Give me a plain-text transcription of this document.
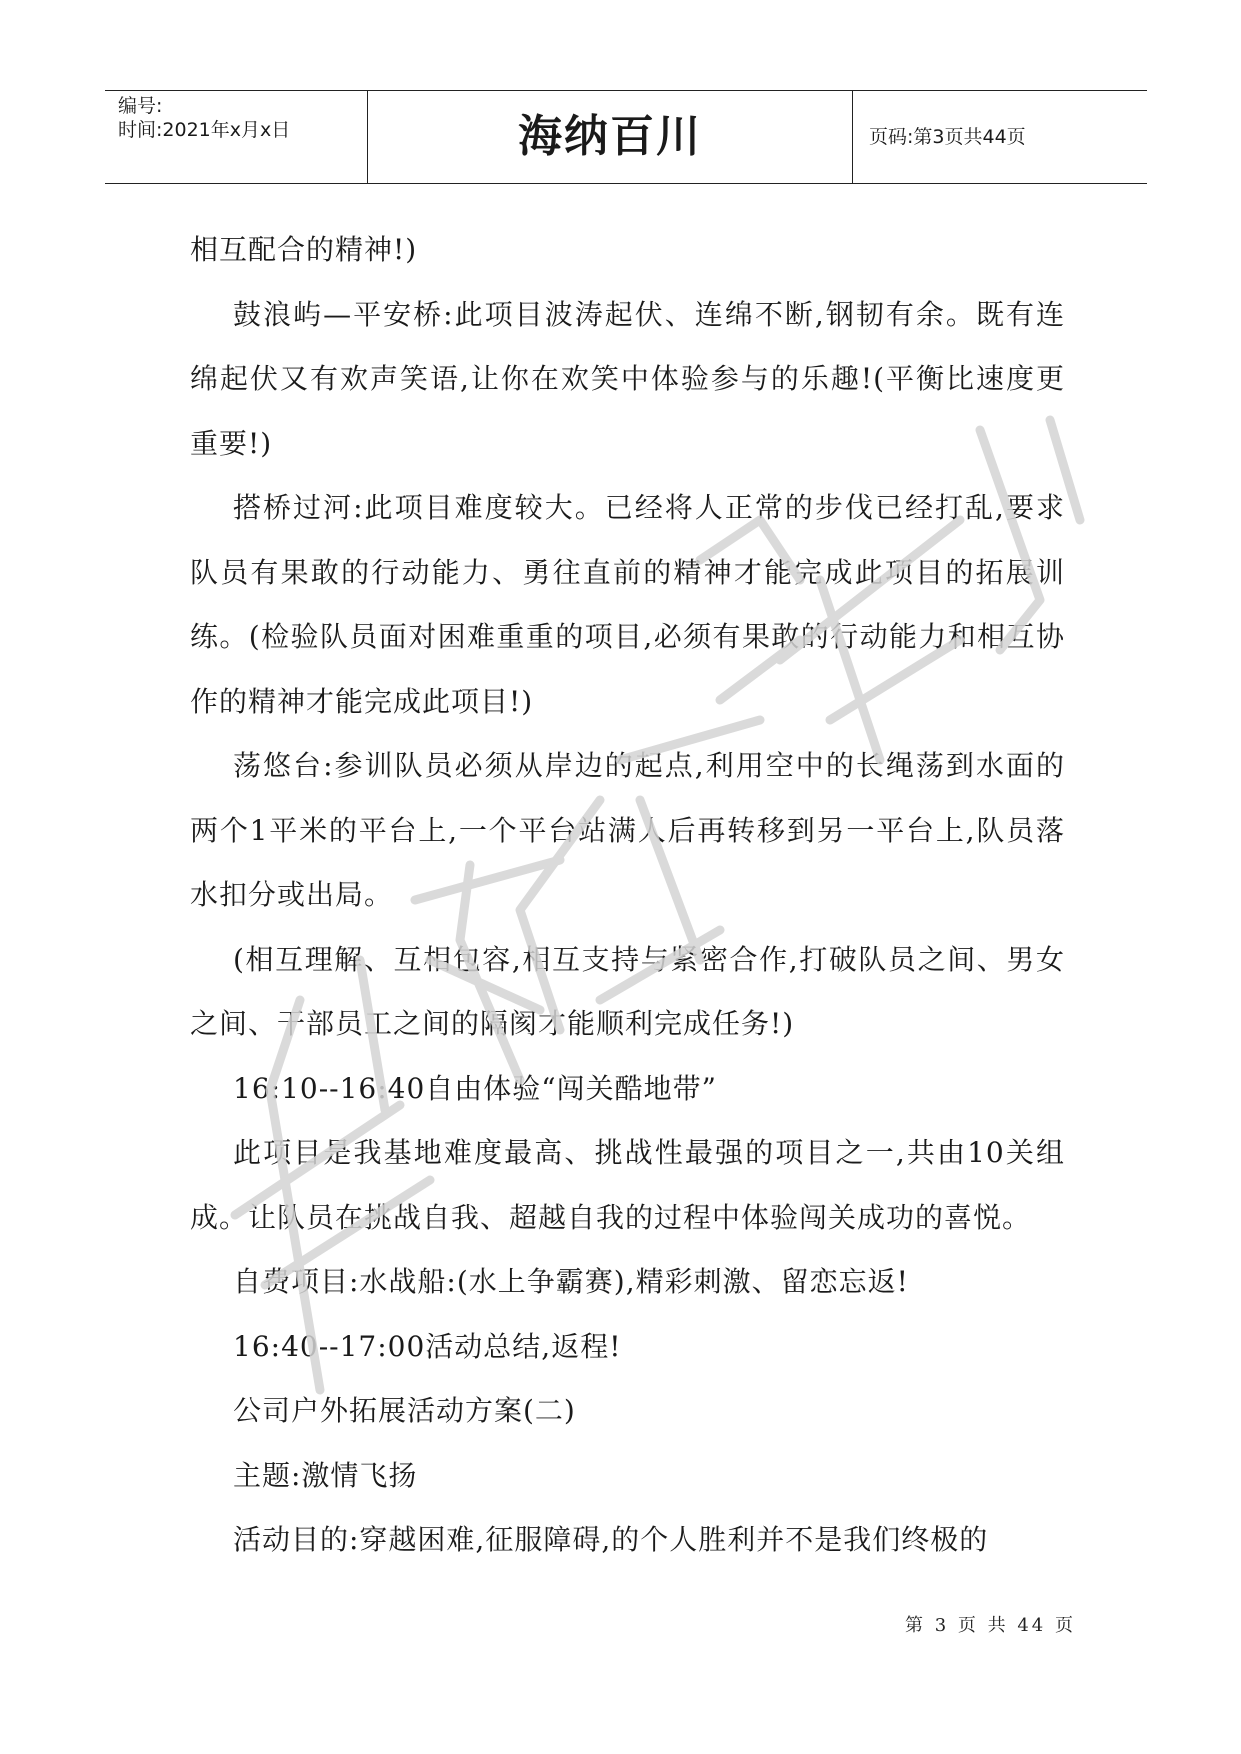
编号:
时间:2021年x月x日	海纳百川	页码:第3页共44页

相互配合的精神!)

鼓浪屿—平安桥:此项目波涛起伏、连绵不断,钢韧有余。既有连绵起伏又有欢声笑语,让你在欢笑中体验参与的乐趣!(平衡比速度更重要!)

搭桥过河:此项目难度较大。已经将人正常的步伐已经打乱,要求队员有果敢的行动能力、勇往直前的精神才能完成此项目的拓展训练。(检验队员面对困难重重的项目,必须有果敢的行动能力和相互协作的精神才能完成此项目!)

荡悠台:参训队员必须从岸边的起点,利用空中的长绳荡到水面的两个1平米的平台上,一个平台站满人后再转移到另一平台上,队员落水扣分或出局。

(相互理解、互相包容,相互支持与紧密合作,打破队员之间、男女之间、干部员工之间的隔阂才能顺利完成任务!)

16:10--16:40自由体验“闯关酷地带”

此项目是我基地难度最高、挑战性最强的项目之一,共由10关组成。让队员在挑战自我、超越自我的过程中体验闯关成功的喜悦。

自费项目:水战船:(水上争霸赛),精彩刺激、留恋忘返!

16:40--17:00活动总结,返程!

公司户外拓展活动方案(二)

主题:激情飞扬

活动目的:穿越困难,征服障碍,的个人胜利并不是我们终极的

第 3 页 共 44 页
